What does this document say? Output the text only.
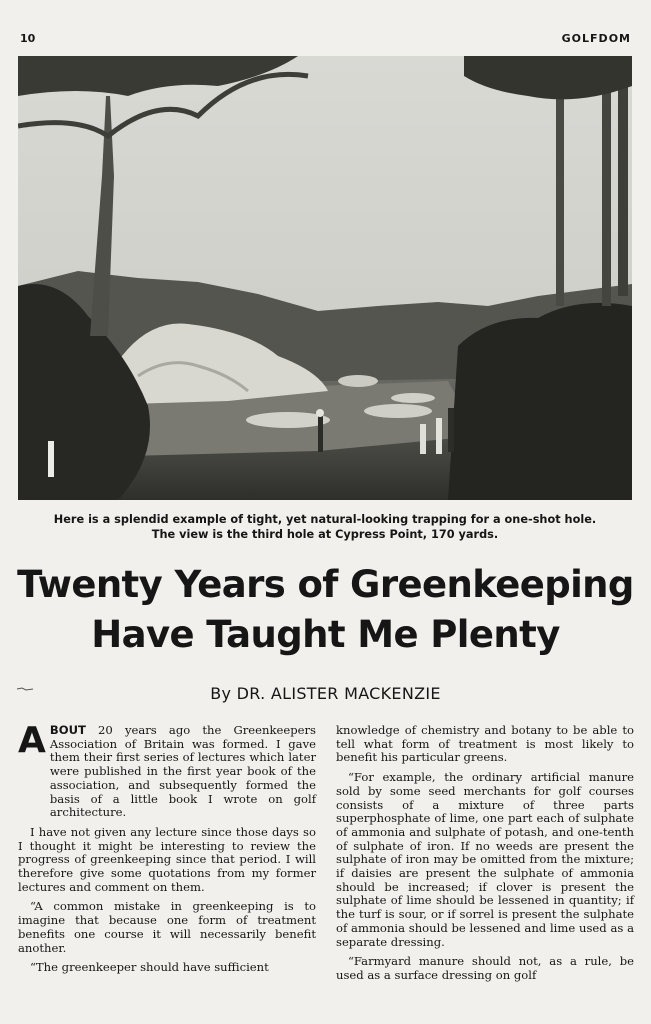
10	GOLFDOM
Here is a splendid example of tight, yet natural-looking trapping for a one-shot hole.
The view is the third hole at Cypress Point, 170 yards.
Twenty Years of Greenkeeping
Have Taught Me Plenty
By DR. ALISTER MACKENZIE
A BOUT 20 years ago the Greenkeepers Association of Britain was formed. I gave them their first series of lectures which later were published in the first year book of the association, and subsequently formed the basis of a little book I wrote on golf architecture.

I have not given any lecture since those days so I thought it might be interesting to review the progress of greenkeeping since that period. I will therefore give some quotations from my former lectures and comment on them.

“A common mistake in greenkeeping is to imagine that because one form of treatment benefits one course it will necessarily benefit another.

“The greenkeeper should have sufficient

knowledge of chemistry and botany to be able to tell what form of treatment is most likely to benefit his particular greens.

“For example, the ordinary artificial manure sold by some seed merchants for golf courses consists of a mixture of three parts superphosphate of lime, one part each of sulphate of ammonia and sulphate of potash, and one-tenth of sulphate of iron. If no weeds are present the sulphate of iron may be omitted from the mixture; if daisies are present the sulphate of ammonia should be increased; if clover is present the sulphate of lime should be lessened in quantity; if the turf is sour, or if sorrel is present the sulphate of ammonia should be lessened and lime used as a separate dressing.

“Farmyard manure should not, as a rule, be used as a surface dressing on golf
